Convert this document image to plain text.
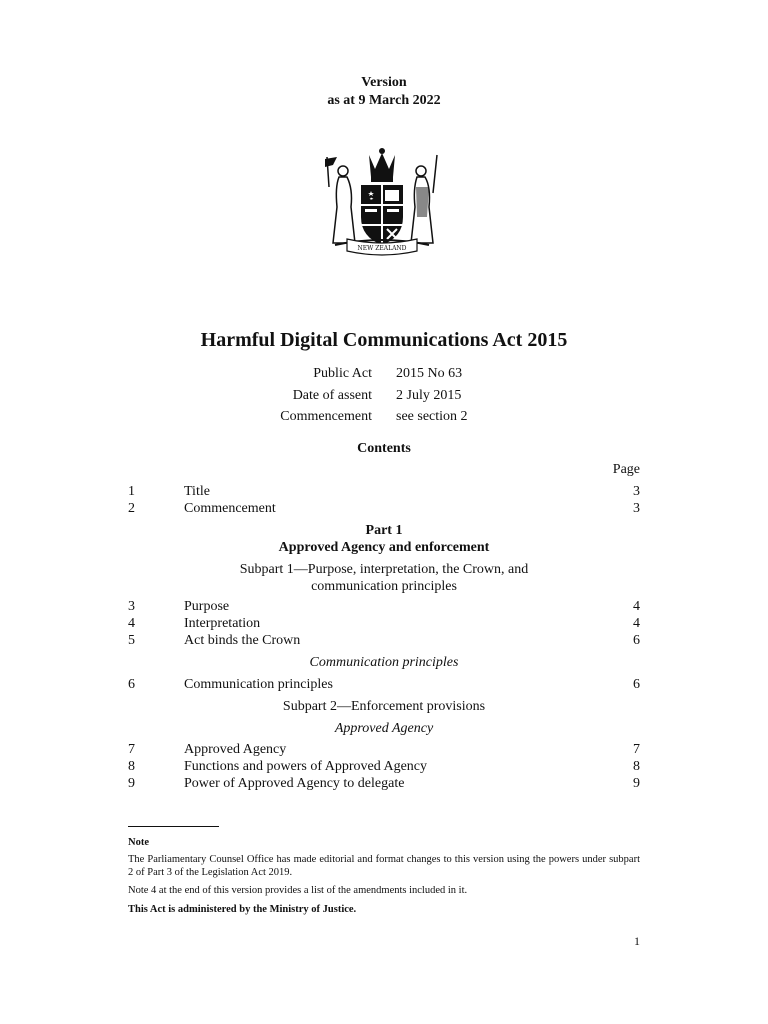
Version
as at 9 March 2022
NEW ZEALAND
Harmful Digital Communications Act 2015
Public Act 2015 No 63
Date of assent 2 July 2015
Commencement see section 2
Contents
Page
1	Title	3
2	Commencement	3
Part 1
Approved Agency and enforcement
Subpart 1—Purpose, interpretation, the Crown, and
communication principles
3	Purpose	4
4	Interpretation	4
5	Act binds the Crown	6
Communication principles
6	Communication principles	6
Subpart 2—Enforcement provisions
Approved Agency
7	Approved Agency	7
8	Functions and powers of Approved Agency	8
9	Power of Approved Agency to delegate	9
Note
The Parliamentary Counsel Office has made editorial and format changes to this version using the powers under subpart 2 of Part 3 of the Legislation Act 2019.
Note 4 at the end of this version provides a list of the amendments included in it.
This Act is administered by the Ministry of Justice.
1
